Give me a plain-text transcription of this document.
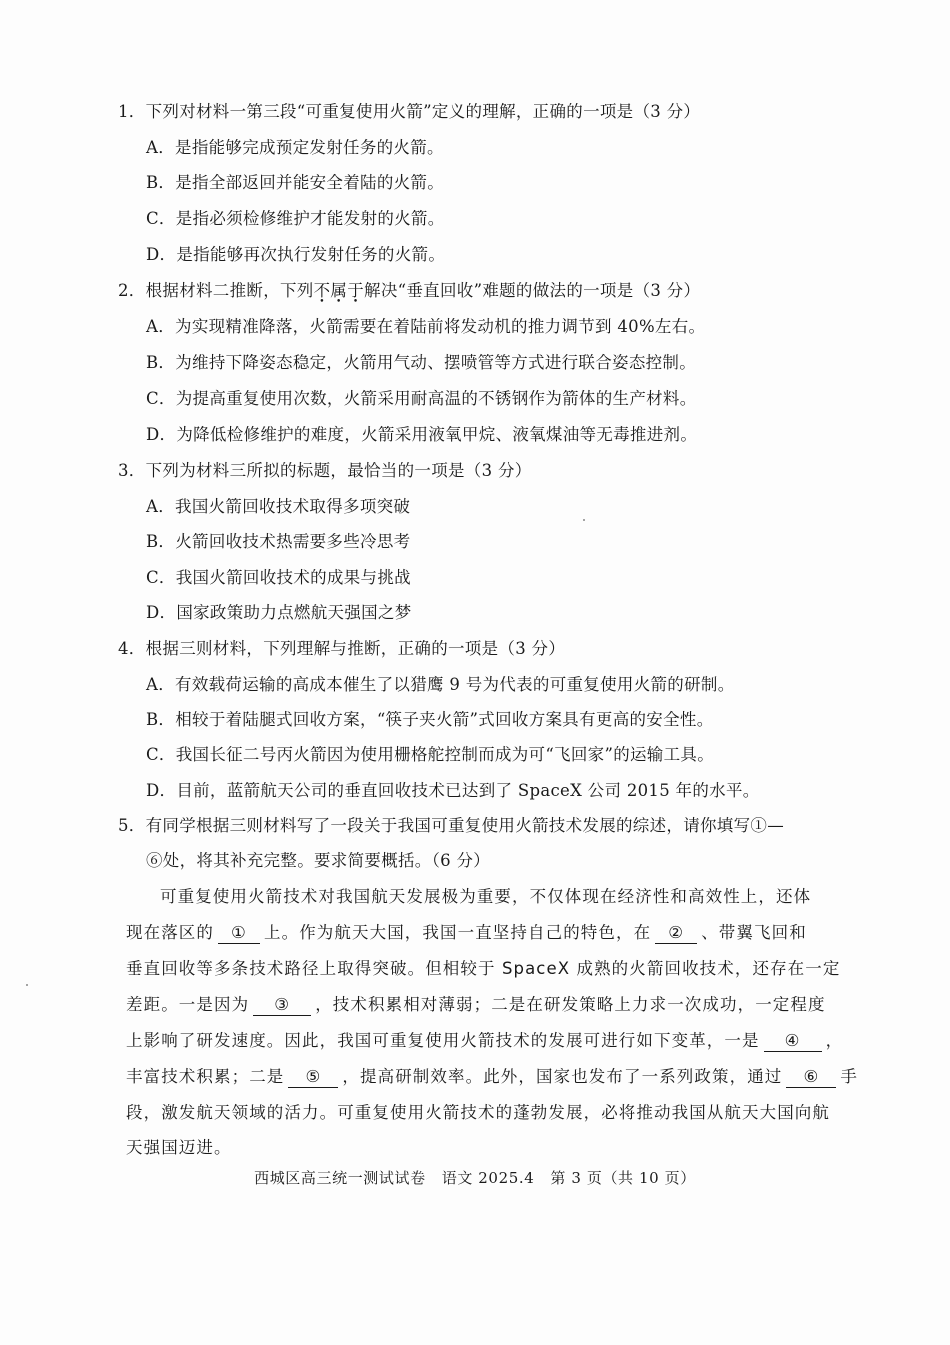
1．下列对材料一第三段“可重复使用火箭”定义的理解，正确的一项是（3 分）
A．是指能够完成预定发射任务的火箭。
B．是指全部返回并能安全着陆的火箭。
C．是指必须检修维护才能发射的火箭。
D．是指能够再次执行发射任务的火箭。
2．根据材料二推断，下列不属于解决“垂直回收”难题的做法的一项是（3 分）
A．为实现精准降落，火箭需要在着陆前将发动机的推力调节到 40%左右。
B．为维持下降姿态稳定，火箭用气动、摆喷管等方式进行联合姿态控制。
C．为提高重复使用次数，火箭采用耐高温的不锈钢作为箭体的生产材料。
D．为降低检修维护的难度，火箭采用液氧甲烷、液氧煤油等无毒推进剂。
3．下列为材料三所拟的标题，最恰当的一项是（3 分）
A．我国火箭回收技术取得多项突破
B．火箭回收技术热需要多些冷思考
C．我国火箭回收技术的成果与挑战
D．国家政策助力点燃航天强国之梦
4．根据三则材料，下列理解与推断，正确的一项是（3 分）
A．有效载荷运输的高成本催生了以猎鹰 9 号为代表的可重复使用火箭的研制。
B．相较于着陆腿式回收方案，“筷子夹火箭”式回收方案具有更高的安全性。
C．我国长征二号丙火箭因为使用栅格舵控制而成为可“飞回家”的运输工具。
D．目前，蓝箭航天公司的垂直回收技术已达到了 SpaceX 公司 2015 年的水平。
5．有同学根据三则材料写了一段关于我国可重复使用火箭技术发展的综述，请你填写①—
⑥处，将其补充完整。要求简要概括。（6 分）
可重复使用火箭技术对我国航天发展极为重要，不仅体现在经济性和高效性上，还体
现在落区的 ① 上。作为航天大国，我国一直坚持自己的特色，在 ② 、带翼飞回和
垂直回收等多条技术路径上取得突破。但相较于 SpaceX 成熟的火箭回收技术，还存在一定
差距。一是因为 ③ ，技术积累相对薄弱；二是在研发策略上力求一次成功，一定程度
上影响了研发速度。因此，我国可重复使用火箭技术的发展可进行如下变革，一是 ④ ，
丰富技术积累；二是 ⑤ ，提高研制效率。此外，国家也发布了一系列政策，通过 ⑥ 手
段，激发航天领域的活力。可重复使用火箭技术的蓬勃发展，必将推动我国从航天大国向航
天强国迈进。
西城区高三统一测试试卷 语文 2025.4 第 3 页（共 10 页）
